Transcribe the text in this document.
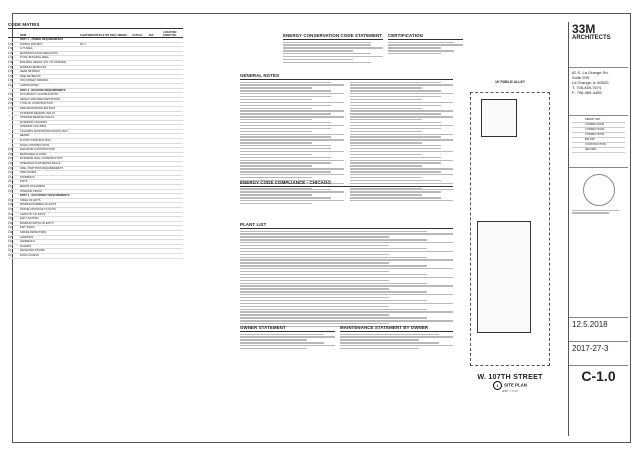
CODE MATRIX
ITEM	CHAPTER/ARTICLE OR REQ / NEEDS	ACTUAL	N/A
LOCATION SHEET NO.
PART 1 - ZONING REQUIREMENTS
1.01	ZONING DISTRICT	RT-4
1.02	LOT AREA
1.03	MAXIMUM FLOOR AREA RATIO
1.04	TOTAL BUILDING AREA
1.05	BUILDING HEIGHT (NO. OF STORIES)
1.06	MINIMUM SETBACKS
1.07	REAR SETBACK
1.08	SIDE SETBACKS
1.09	OFF-STREET PARKING
1.10	LANDSCAPING
PART 2 - BUILDING REQUIREMENTS
2.01	OCCUPANCY CLASSIFICATION
2.02	HEIGHT AND AREA LIMITATIONS
2.03	TYPE OF CONSTRUCTION
2.04	FIRE RESISTANCE RATINGS
EXTERIOR BEARING WALLS
INTERIOR BEARING WALLS
EXTERIOR COLUMNS
INTERIOR COLUMNS
COLUMNS SUPPORTING ROOFS ONLY
BEAMS
FLOOR CONSTRUCTION
ROOF CONSTRUCTION
2.05	ELEVATOR CONSTRUCTION
2.06	MEZZANINE FLOORS
2.07	EXTERIOR WALL CONSTRUCTION
2.08	OPENINGS IN EXTERIOR WALLS
2.09	FIRE / PARTITION REQUIREMENTS
2.10	FIRE DOORS
2.11	STAIRWAYS
2.12	EXITS
2.13	MEANS OF EGRESS
2.14	INTERIOR FINISH
PART 3 - OCCUPANCY REQUIREMENTS
3.01	TABLE OF EXITS
3.02	MINIMUM NUMBER OF EXITS
3.03	TRAVEL DISTANCE TO EXITS
3.04	CAPACITY OF EXITS
3.05	EXIT LIGHTING
3.06	MINIMUM WIDTH OF EXITS
3.07	EXIT SIGNS
3.08	SMOKE DETECTORS
3.09	LANDINGS
3.10	HANDRAILS
3.11	GUARDS
3.12	RECEIVING ROOMS
3.13	ROOF ACCESS
ENERGY CONSERVATION CODE STATEMENT CERTIFICATION
GENERAL NOTES
ENERGY CODE COMPLIANCE - CHICAGO
PLANT LIST
OWNER STATEMENT	MAINTENANCE STATEMENT BY OWNER
16' PUBLIC ALLEY
W. 107TH STREET
1 SITE PLAN
3/32" = 1'-0"
33M
ARCHITECTS
82 S. La Grange Rd.
Suite 205
La Grange, IL 60525
T: 708-469-7674
F: 708-469-4455
PERMIT SET
CORRECTIONS
CORRECTIONS
CORRECTIONS
BID SET
CONSTRUCTION
RECORD
12.5.2018
2017-27-3
C-1.0
